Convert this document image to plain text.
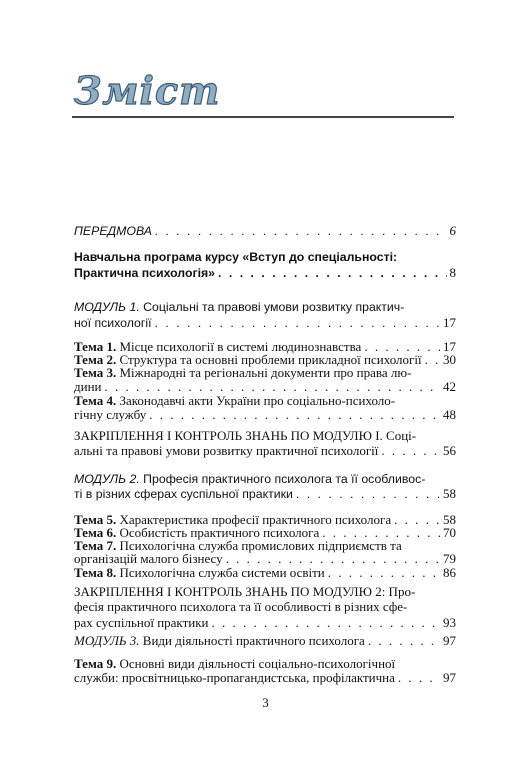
Зміст
ПЕРЕДМОВА . . .	6
Навчальна програма курсу «Вступ до спеціальності:
Практична психологія» . . .	8
МОДУЛЬ 1.
Соціальні та правові умови розвитку практич-
ної психології . . .	17
Тема 1.
Місце психології в системі людинознавства . . .	17
Тема 2.
Структура та основні проблеми прикладної психології . . . 30
Тема 3. Міжнародні та регіональні документи про права лю-
дини . . .	42
Тема 4. Законодавчі акти України про соціально-психоло-
гічну службу . . .	48
ЗАКРІПЛЕННЯ І КОНТРОЛЬ ЗНАНЬ ПО МОДУЛЮ І. Соці-
альні та правові умови розвитку практичної психології . . .	56
МОДУЛЬ 2.
Професія практичного психолога та її особливос-
ті в різних сферах суспільної практики . . .	58
Тема 5.
Характеристика професії практичного психолога . . .	58
Тема 6.
Особистість практичного психолога . . .	70
Тема 7. Психологічна служба промислових підприємств та
організацій малого бізнесу . . .	79
Тема 8.
Психологічна служба системи освіти . . .	86
ЗАКРІПЛЕННЯ І КОНТРОЛЬ ЗНАНЬ ПО МОДУЛЮ 2: Про-
фесія практичного психолога та її особливості в різних сфе-
рах суспільної практики . . .	93
МОДУЛЬ 3.
Види діяльності практичного психолога . . .	97
Тема 9. Основні види діяльності соціально-психологічної
служби: просвітницько-пропагандистська, профілактична . . .	97
3
